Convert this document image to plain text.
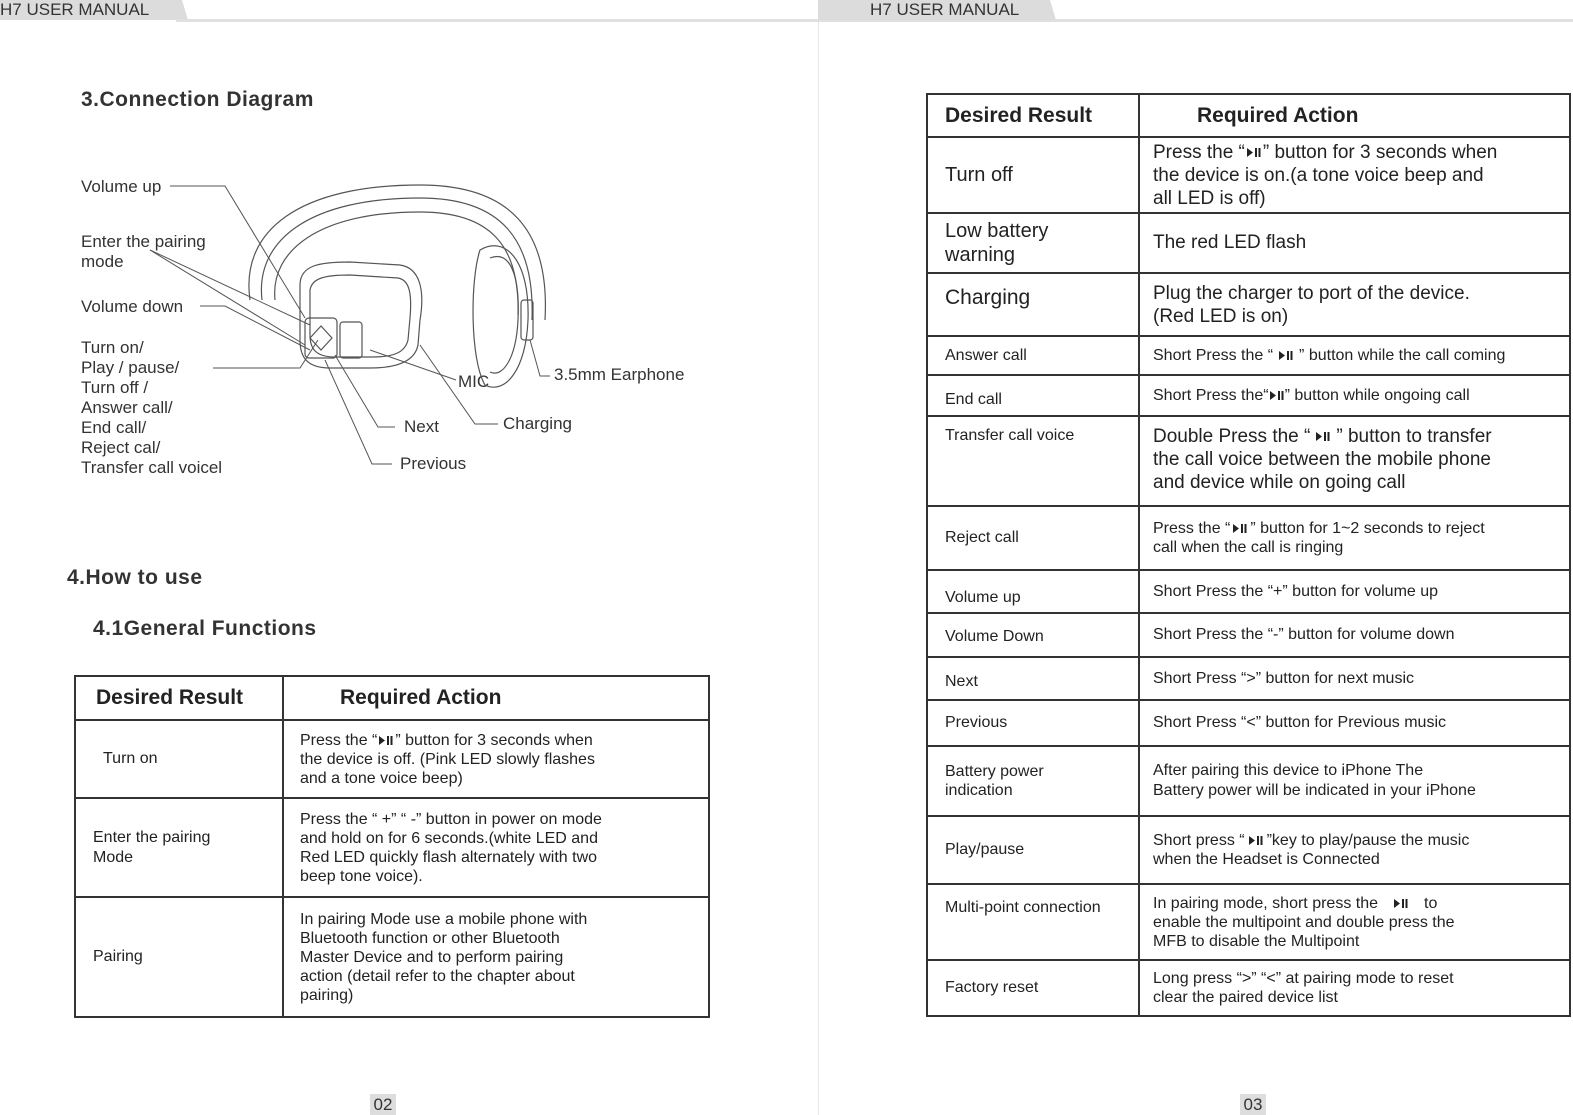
H7 USER MANUAL
3.Connection Diagram
Volume up
Enter the pairing
mode
Volume down
Turn on/
Play / pause/
Turn off /
Answer call/
End call/
Reject cal/
Transfer call voicel
MIC	3.5mm Earphone
Next	Charging
Previous
4.How to use
4.1General Functions
Desired Result	Required Action
Turn on	Press the “ ” button for 3 seconds when
the device is off. (Pink LED slowly flashes
and a tone voice beep)
Enter the pairing
Mode	Press the “ +” “ -” button in power on mode
and hold on for 6 seconds.(white LED and
Red LED quickly flash alternately with two
beep tone voice).
Pairing	In pairing Mode use a mobile phone with
Bluetooth function or other Bluetooth
Master Device and to perform pairing
action (detail refer to the chapter about
pairing)
02
H7 USER MANUAL
Desired Result	Required Action
Turn off	Press the “ ” button for 3 seconds when
the device is on.(a tone voice beep and
all LED is off)
Low battery
warning	The red LED flash
Charging	Plug the charger to port of the device.
(Red LED is on)
Answer call	Short Press the “ ” button while the call coming
End call	Short Press the“ ” button while ongoing call
Transfer call voice	Double Press the “ ” button to transfer
the call voice between the mobile phone
and device while on going call
Reject call	Press the “ ” button for 1~2 seconds to reject
call when the call is ringing
Volume up	Short Press the “+” button for volume up
Volume Down	Short Press the “-” button for volume down
Next	Short Press “>” button for next music
Previous	Short Press “<” button for Previous music
Battery power
indication	After pairing this device to iPhone The
Battery power will be indicated in your iPhone
Play/pause	Short press “ ”key to play/pause the music
when the Headset is Connected
Multi-point connection	In pairing mode, short press the to
enable the multipoint and double press the
MFB to disable the Multipoint
Factory reset	Long press “>” “<” at pairing mode to reset
clear the paired device list
03
